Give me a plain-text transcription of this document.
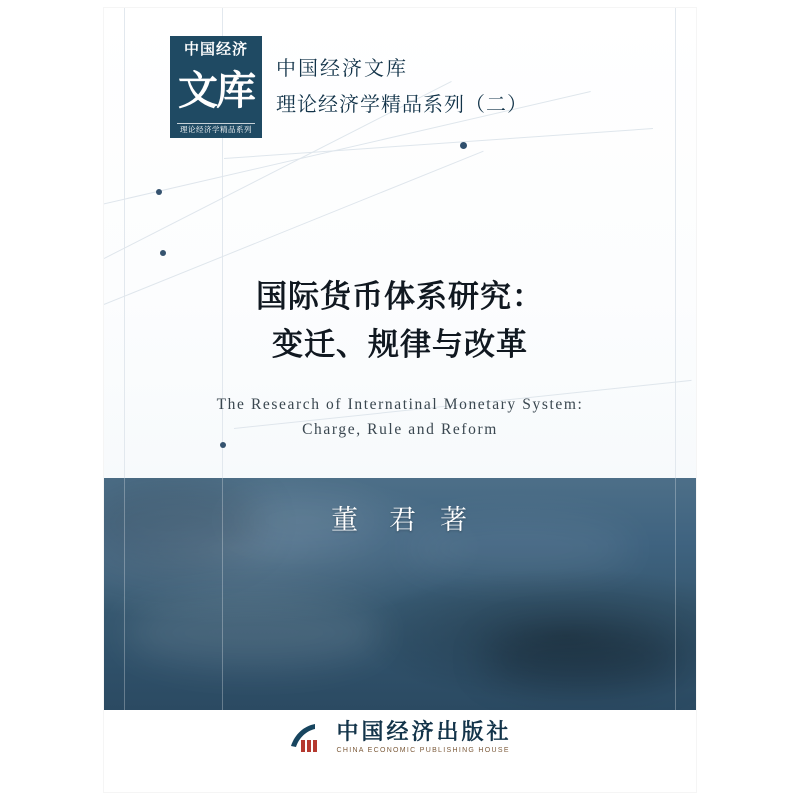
中国经济
文库
理论经济学精品系列
中国经济文库
理论经济学精品系列（二）
国际货币体系研究：
变迁、规律与改革
The Research of Internatinal Monetary System:
Charge, Rule and Reform
董　君 著
中国经济出版社
CHINA ECONOMIC PUBLISHING HOUSE
